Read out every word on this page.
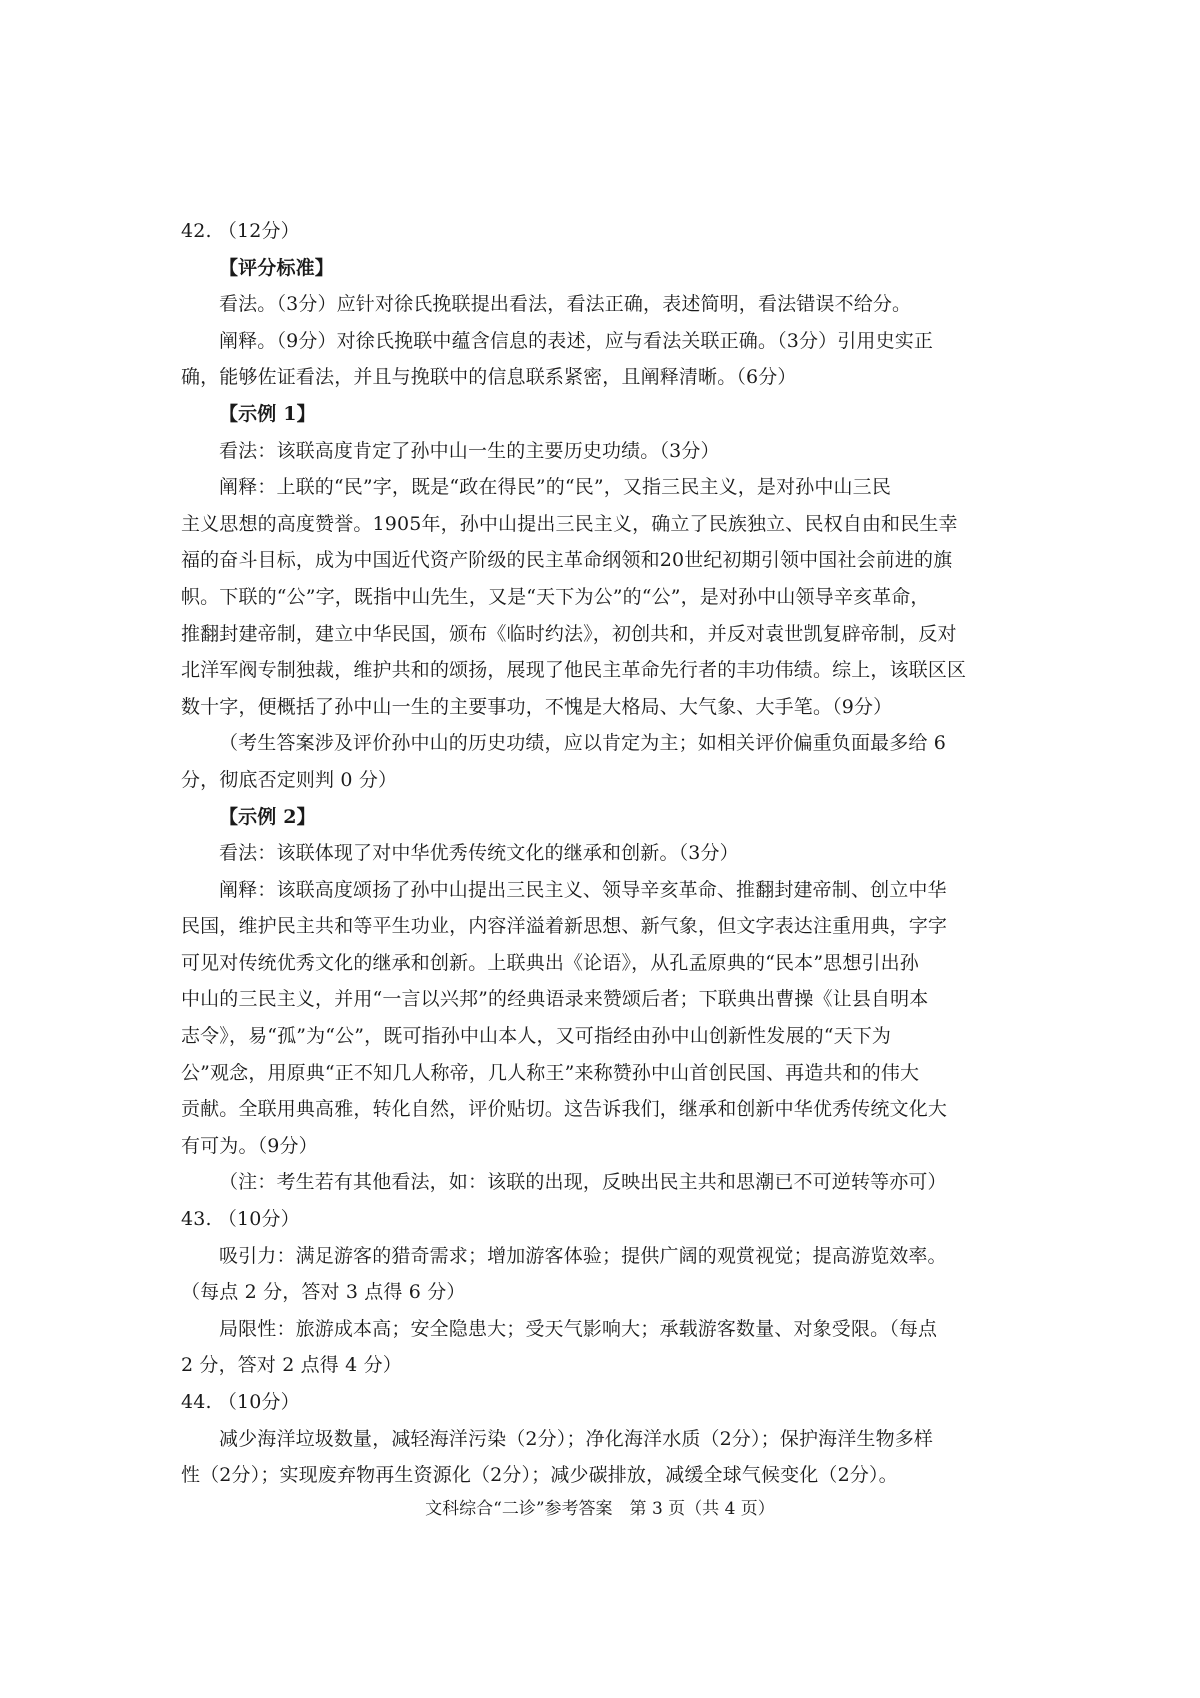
42. （12分）
【评分标准】
看法。（3分）应针对徐氏挽联提出看法，看法正确，表述简明，看法错误不给分。
阐释。（9分）对徐氏挽联中蕴含信息的表述，应与看法关联正确。（3分）引用史实正
确，能够佐证看法，并且与挽联中的信息联系紧密，且阐释清晰。（6分）
【示例 1】
看法：该联高度肯定了孙中山一生的主要历史功绩。（3分）
阐释：上联的“民”字，既是“政在得民”的“民”，又指三民主义，是对孙中山三民
主义思想的高度赞誉。1905年，孙中山提出三民主义，确立了民族独立、民权自由和民生幸
福的奋斗目标，成为中国近代资产阶级的民主革命纲领和20世纪初期引领中国社会前进的旗
帜。下联的“公”字，既指中山先生，又是“天下为公”的“公”，是对孙中山领导辛亥革命，
推翻封建帝制，建立中华民国，颁布《临时约法》，初创共和，并反对袁世凯复辟帝制，反对
北洋军阀专制独裁，维护共和的颂扬，展现了他民主革命先行者的丰功伟绩。综上，该联区区
数十字，便概括了孙中山一生的主要事功，不愧是大格局、大气象、大手笔。（9分）
（考生答案涉及评价孙中山的历史功绩，应以肯定为主；如相关评价偏重负面最多给 6
分，彻底否定则判 0 分）
【示例 2】
看法：该联体现了对中华优秀传统文化的继承和创新。（3分）
阐释：该联高度颂扬了孙中山提出三民主义、领导辛亥革命、推翻封建帝制、创立中华
民国，维护民主共和等平生功业，内容洋溢着新思想、新气象，但文字表达注重用典，字字
可见对传统优秀文化的继承和创新。上联典出《论语》，从孔孟原典的“民本”思想引出孙
中山的三民主义，并用“一言以兴邦”的经典语录来赞颂后者；下联典出曹操《让县自明本
志令》，易“孤”为“公”，既可指孙中山本人，又可指经由孙中山创新性发展的“天下为
公”观念，用原典“正不知几人称帝，几人称王”来称赞孙中山首创民国、再造共和的伟大
贡献。全联用典高雅，转化自然，评价贴切。这告诉我们，继承和创新中华优秀传统文化大
有可为。（9分）
（注：考生若有其他看法，如：该联的出现，反映出民主共和思潮已不可逆转等亦可）
43. （10分）
吸引力：满足游客的猎奇需求；增加游客体验；提供广阔的观赏视觉；提高游览效率。
（每点 2 分，答对 3 点得 6 分）
局限性：旅游成本高；安全隐患大；受天气影响大；承载游客数量、对象受限。（每点
2 分，答对 2 点得 4 分）
44. （10分）
减少海洋垃圾数量，减轻海洋污染（2分）；净化海洋水质（2分）；保护海洋生物多样
性（2分）；实现废弃物再生资源化（2分）；减少碳排放，减缓全球气候变化（2分）。
文科综合“二诊”参考答案　第 3 页（共 4 页）
